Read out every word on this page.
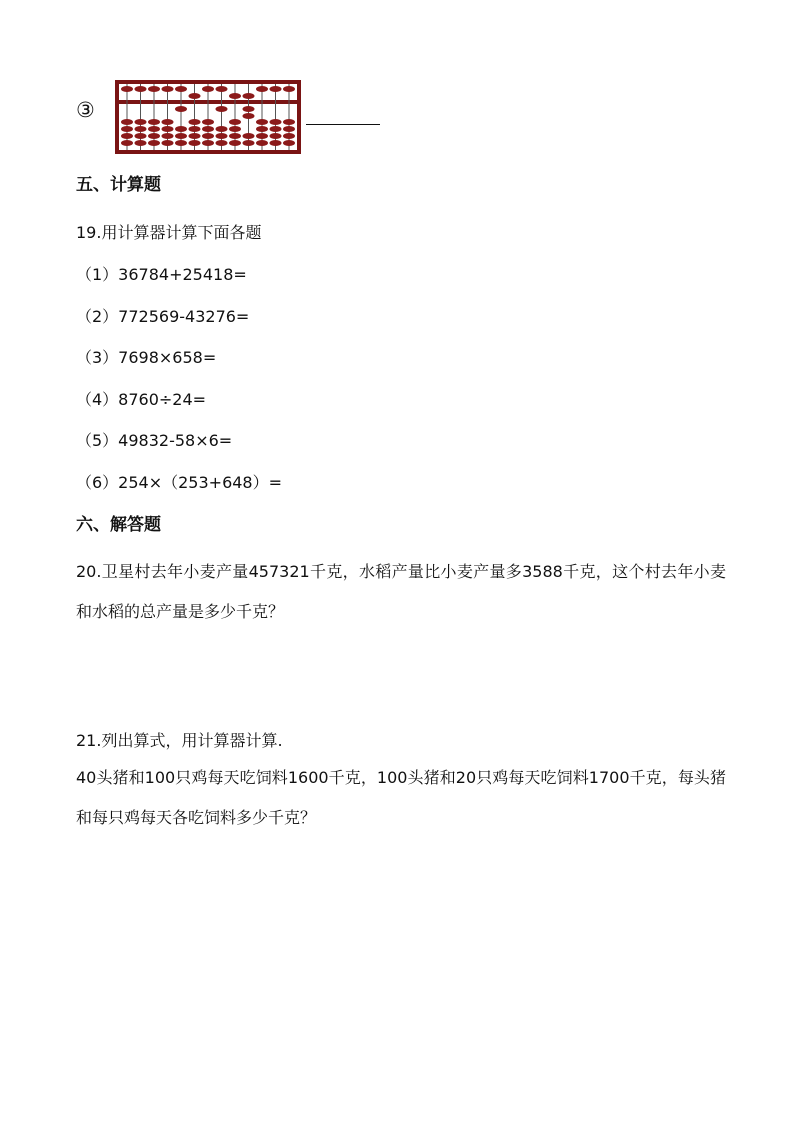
③
五、计算题
19.用计算器计算下面各题
（1）36784+25418=
（2）772569-43276=
（3）7698×658=
（4）8760÷24=
（5）49832-58×6=
（6）254×（253+648）=
六、解答题
20.卫星村去年小麦产量457321千克，水稻产量比小麦产量多3588千克，这个村去年小麦和水稻的总产量是多少千克？
21.列出算式，用计算器计算.
40头猪和100只鸡每天吃饲料1600千克，100头猪和20只鸡每天吃饲料1700千克，每头猪和每只鸡每天各吃饲料多少千克？
